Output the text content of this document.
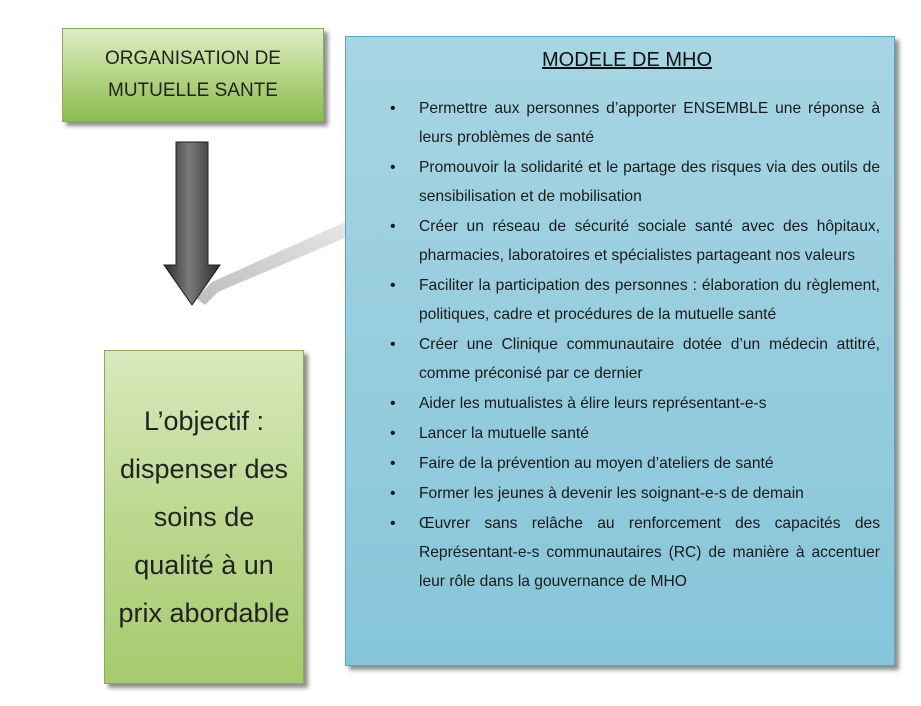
ORGANISATION DE
MUTUELLE SANTE
L’objectif : dispenser des soins de qualité à un prix abordable
MODELE DE MHO
• Permettre aux personnes d’apporter ENSEMBLE une réponse à leurs problèmes de santé
• Promouvoir la solidarité et le partage des risques via des outils de sensibilisation et de mobilisation
• Créer un réseau de sécurité sociale santé avec des hôpitaux, pharmacies, laboratoires et spécialistes partageant nos valeurs
• Faciliter la participation des personnes : élaboration du règlement, politiques, cadre et procédures de la mutuelle santé
• Créer une Clinique communautaire dotée d’un médecin attitré, comme préconisé par ce dernier
• Aider les mutualistes à élire leurs représentant-e-s
• Lancer la mutuelle santé
• Faire de la prévention au moyen d’ateliers de santé
• Former les jeunes à devenir les soignant-e-s de demain
• Œuvrer sans relâche au renforcement des capacités des Représentant-e-s communautaires (RC) de manière à accentuer leur rôle dans la gouvernance de MHO
